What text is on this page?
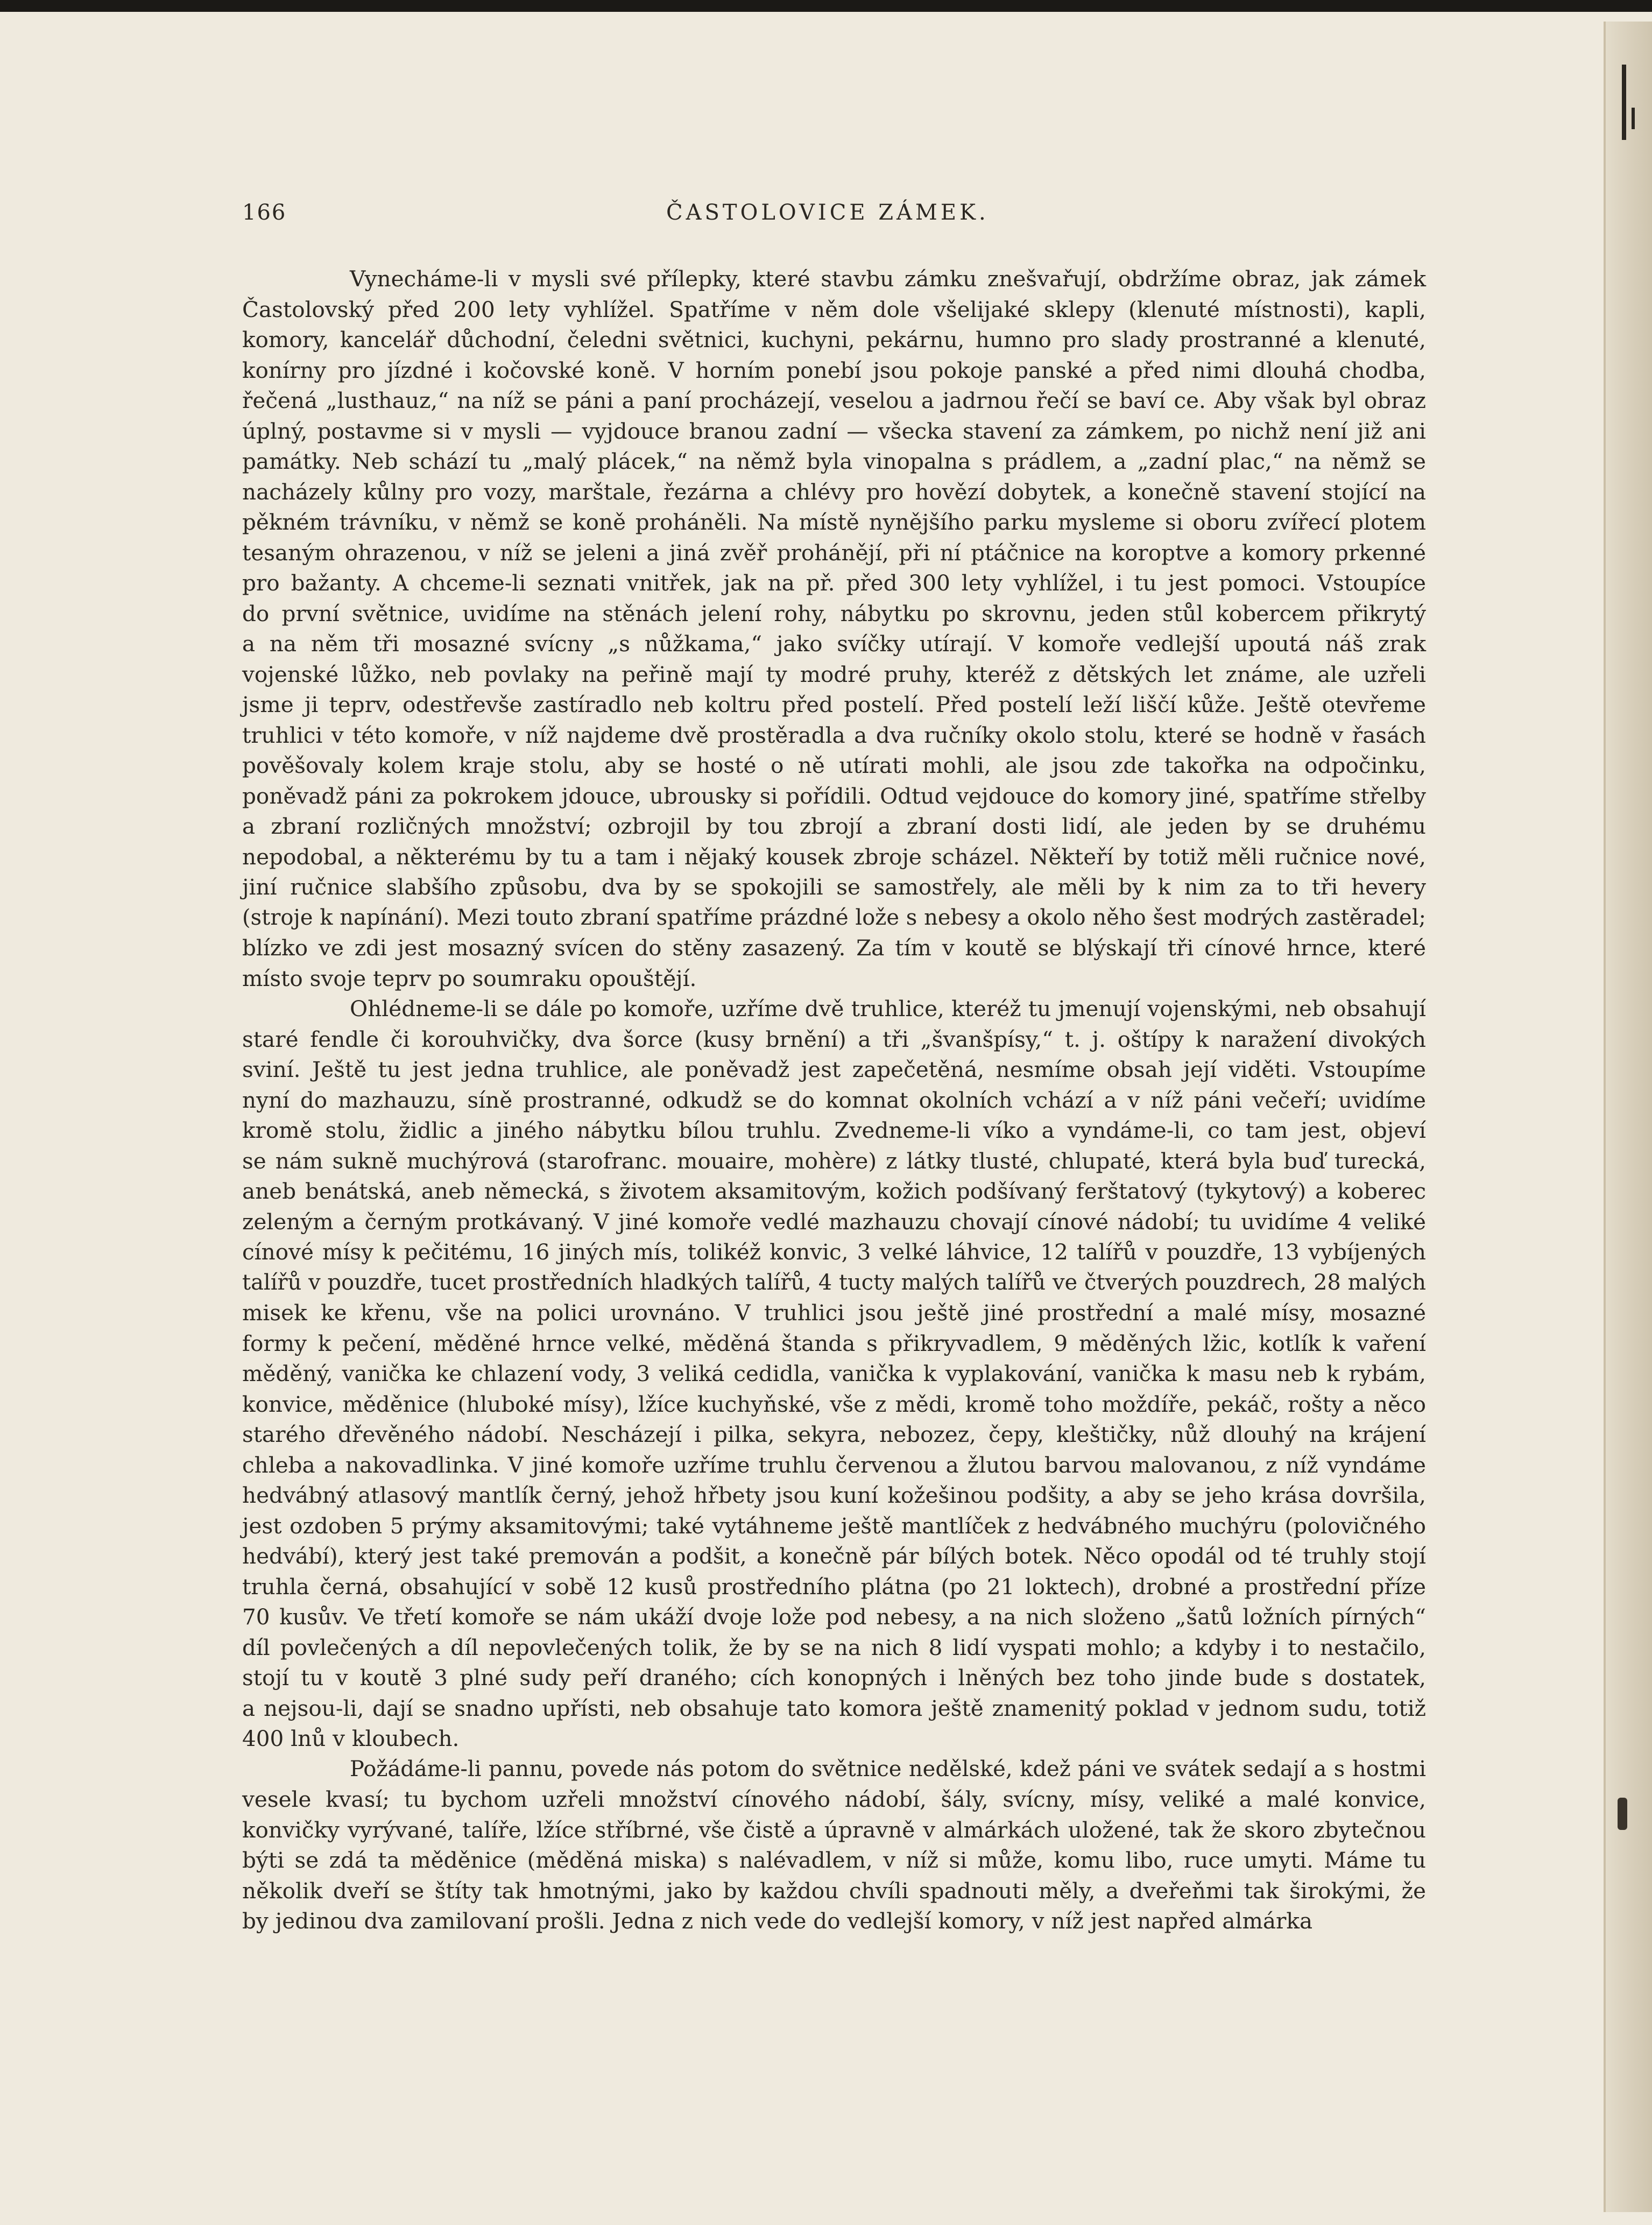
166	ČASTOLOVICE ZÁMEK.

Vynecháme-li v mysli své přílepky, které stavbu zámku znešvařují, obdržíme obraz, jak zámek
Častolovský před 200 lety vyhlížel. Spatříme v něm dole všelijaké sklepy (klenuté místnosti), kapli,
komory, kancelář důchodní, čeledni světnici, kuchyni, pekárnu, humno pro slady prostranné a klenuté,
konírny pro jízdné i kočovské koně. V horním ponebí jsou pokoje panské a před nimi dlouhá chodba,
řečená „lusthauz,“ na níž se páni a paní procházejí, veselou a jadrnou řečí se baví ce. Aby však byl obraz
úplný, postavme si v mysli — vyjdouce branou zadní — všecka stavení za zámkem, po nichž není již ani
památky. Neb schází tu „malý plácek,“ na němž byla vinopalna s prádlem, a „zadní plac,“ na němž se
nacházely kůlny pro vozy, marštale, řezárna a chlévy pro hovězí dobytek, a konečně stavení stojící na
pěkném trávníku, v němž se koně proháněli. Na místě nynějšího parku mysleme si oboru zvířecí plotem
tesaným ohrazenou, v níž se jeleni a jiná zvěř prohánějí, při ní ptáčnice na koroptve a komory prkenné
pro bažanty. A chceme-li seznati vnitřek, jak na př. před 300 lety vyhlížel, i tu jest pomoci. Vstoupíce
do první světnice, uvidíme na stěnách jelení rohy, nábytku po skrovnu, jeden stůl kobercem přikrytý
a na něm tři mosazné svícny „s nůžkama,“ jako svíčky utírají. V komoře vedlejší upoutá náš zrak
vojenské lůžko, neb povlaky na peřině mají ty modré pruhy, kteréž z dětských let známe, ale uzřeli
jsme ji teprv, odestřevše zastíradlo neb koltru před postelí. Před postelí leží liščí kůže. Ještě otevřeme
truhlici v této komoře, v níž najdeme dvě prostěradla a dva ručníky okolo stolu, které se hodně v řasách
pověšovaly kolem kraje stolu, aby se hosté o ně utírati mohli, ale jsou zde takořka na odpočinku,
poněvadž páni za pokrokem jdouce, ubrousky si pořídili. Odtud vejdouce do komory jiné, spatříme střelby
a zbraní rozličných množství; ozbrojil by tou zbrojí a zbraní dosti lidí, ale jeden by se druhému
nepodobal, a některému by tu a tam i nějaký kousek zbroje scházel. Někteří by totiž měli ručnice nové,
jiní ručnice slabšího způsobu, dva by se spokojili se samostřely, ale měli by k nim za to tři hevery
(stroje k napínání). Mezi touto zbraní spatříme prázdné lože s nebesy a okolo něho šest modrých zastěradel;
blízko ve zdi jest mosazný svícen do stěny zasazený. Za tím v koutě se blýskají tři cínové hrnce, které
místo svoje teprv po soumraku opouštějí.

Ohlédneme-li se dále po komoře, uzříme dvě truhlice, kteréž tu jmenují vojenskými, neb obsahují
staré fendle či korouhvičky, dva šorce (kusy brnění) a tři „švanšpísy,“ t. j. oštípy k naražení divokých
sviní. Ještě tu jest jedna truhlice, ale poněvadž jest zapečetěná, nesmíme obsah její viděti. Vstoupíme
nyní do mazhauzu, síně prostranné, odkudž se do komnat okolních vchází a v níž páni večeří; uvidíme
kromě stolu, židlic a jiného nábytku bílou truhlu. Zvedneme-li víko a vyndáme-li, co tam jest, objeví
se nám sukně muchýrová (starofranc. mouaire, mohère) z látky tlusté, chlupaté, která byla buď turecká,
aneb benátská, aneb německá, s životem aksamitovým, kožich podšívaný ferštatový (tykytový) a koberec
zeleným a černým protkávaný. V jiné komoře vedlé mazhauzu chovají cínové nádobí; tu uvidíme 4 veliké
cínové mísy k pečitému, 16 jiných mís, tolikéž konvic, 3 velké láhvice, 12 talířů v pouzdře, 13 vybíjených
talířů v pouzdře, tucet prostředních hladkých talířů, 4 tucty malých talířů ve čtverých pouzdrech, 28 malých
misek ke křenu, vše na polici urovnáno. V truhlici jsou ještě jiné prostřední a malé mísy, mosazné
formy k pečení, měděné hrnce velké, měděná štanda s přikryvadlem, 9 měděných lžic, kotlík k vaření
měděný, vanička ke chlazení vody, 3 veliká cedidla, vanička k vyplakování, vanička k masu neb k rybám,
konvice, měděnice (hluboké mísy), lžíce kuchyňské, vše z mědi, kromě toho moždíře, pekáč, rošty a něco
starého dřevěného nádobí. Nescházejí i pilka, sekyra, nebozez, čepy, kleštičky, nůž dlouhý na krájení
chleba a nakovadlinka. V jiné komoře uzříme truhlu červenou a žlutou barvou malovanou, z níž vyndáme
hedvábný atlasový mantlík černý, jehož hřbety jsou kuní kožešinou podšity, a aby se jeho krása dovršila,
jest ozdoben 5 prýmy aksamitovými; také vytáhneme ještě mantlíček z hedvábného muchýru (polovičného
hedvábí), který jest také premován a podšit, a konečně pár bílých botek. Něco opodál od té truhly stojí
truhla černá, obsahující v sobě 12 kusů prostředního plátna (po 21 loktech), drobné a prostřední příze
70 kusův. Ve třetí komoře se nám ukáží dvoje lože pod nebesy, a na nich složeno „šatů ložních pírných“
díl povlečených a díl nepovlečených tolik, že by se na nich 8 lidí vyspati mohlo; a kdyby i to nestačilo,
stojí tu v koutě 3 plné sudy peří draného; cích konopných i lněných bez toho jinde bude s dostatek,
a nejsou-li, dají se snadno upřísti, neb obsahuje tato komora ještě znamenitý poklad v jednom sudu, totiž
400 lnů v kloubech.

Požádáme-li pannu, povede nás potom do světnice nedělské, kdež páni ve svátek sedají a s hostmi
vesele kvasí; tu bychom uzřeli množství cínového nádobí, šály, svícny, mísy, veliké a malé konvice,
konvičky vyrývané, talíře, lžíce stříbrné, vše čistě a úpravně v almárkách uložené, tak že skoro zbytečnou
býti se zdá ta měděnice (měděná miska) s nalévadlem, v níž si může, komu libo, ruce umyti. Máme tu
několik dveří se štíty tak hmotnými, jako by každou chvíli spadnouti měly, a dveřeňmi tak širokými, že
by jedinou dva zamilovaní prošli. Jedna z nich vede do vedlejší komory, v níž jest napřed almárka
